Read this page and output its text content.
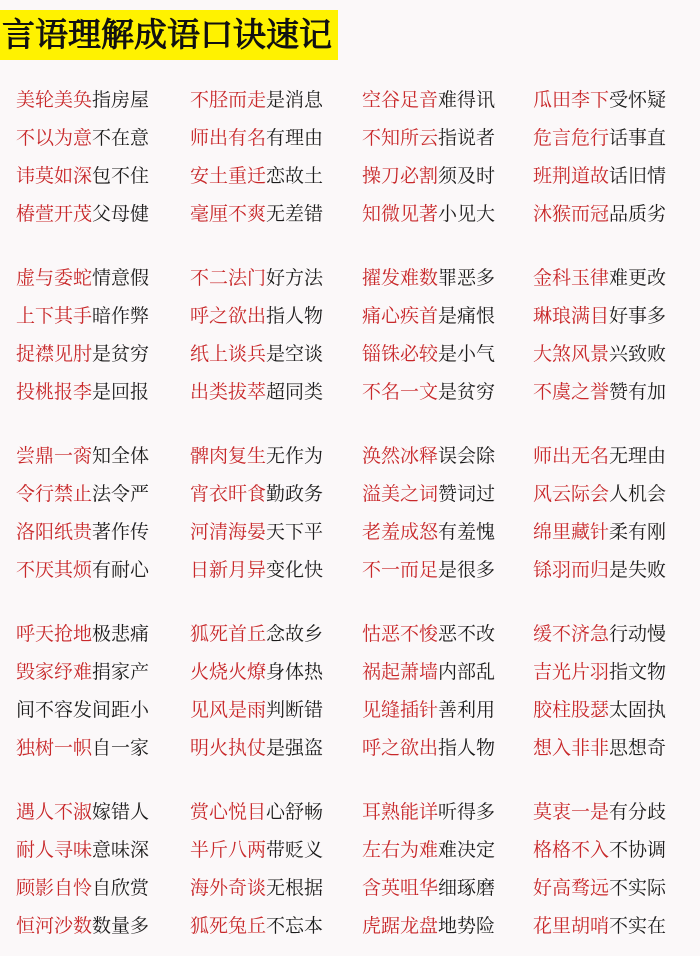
言语理解成语口诀速记
美轮美奂指房屋 不胫而走是消息 空谷足音难得讯 瓜田李下受怀疑
不以为意不在意 师出有名有理由 不知所云指说者 危言危行话事直
讳莫如深包不住 安土重迁恋故土 操刀必割须及时 班荆道故话旧情
椿萱开茂父母健 毫厘不爽无差错 知微见著小见大 沐猴而冠品质劣
虚与委蛇情意假 不二法门好方法 擢发难数罪恶多 金科玉律难更改
上下其手暗作弊 呼之欲出指人物 痛心疾首是痛恨 琳琅满目好事多
捉襟见肘是贫穷 纸上谈兵是空谈 锱铢必较是小气 大煞风景兴致败
投桃报李是回报 出类拔萃超同类 不名一文是贫穷 不虞之誉赞有加
尝鼎一脔知全体 髀肉复生无作为 涣然冰释误会除 师出无名无理由
令行禁止法令严 宵衣旰食勤政务 溢美之词赞词过 风云际会人机会
洛阳纸贵著作传 河清海晏天下平 老羞成怒有羞愧 绵里藏针柔有刚
不厌其烦有耐心 日新月异变化快 不一而足是很多 铩羽而归是失败
呼天抢地极悲痛 狐死首丘念故乡 怙恶不悛恶不改 缓不济急行动慢
毁家纾难捐家产 火烧火燎身体热 祸起萧墙内部乱 吉光片羽指文物
间不容发间距小 见风是雨判断错 见缝插针善利用 胶柱股瑟太固执
独树一帜自一家 明火执仗是强盗 呼之欲出指人物 想入非非思想奇
遇人不淑嫁错人 赏心悦目心舒畅 耳熟能详听得多 莫衷一是有分歧
耐人寻味意味深 半斤八两带贬义 左右为难难决定 格格不入不协调
顾影自怜自欣赏 海外奇谈无根据 含英咀华细琢磨 好高骛远不实际
恒河沙数数量多 狐死兔丘不忘本 虎踞龙盘地势险 花里胡哨不实在
